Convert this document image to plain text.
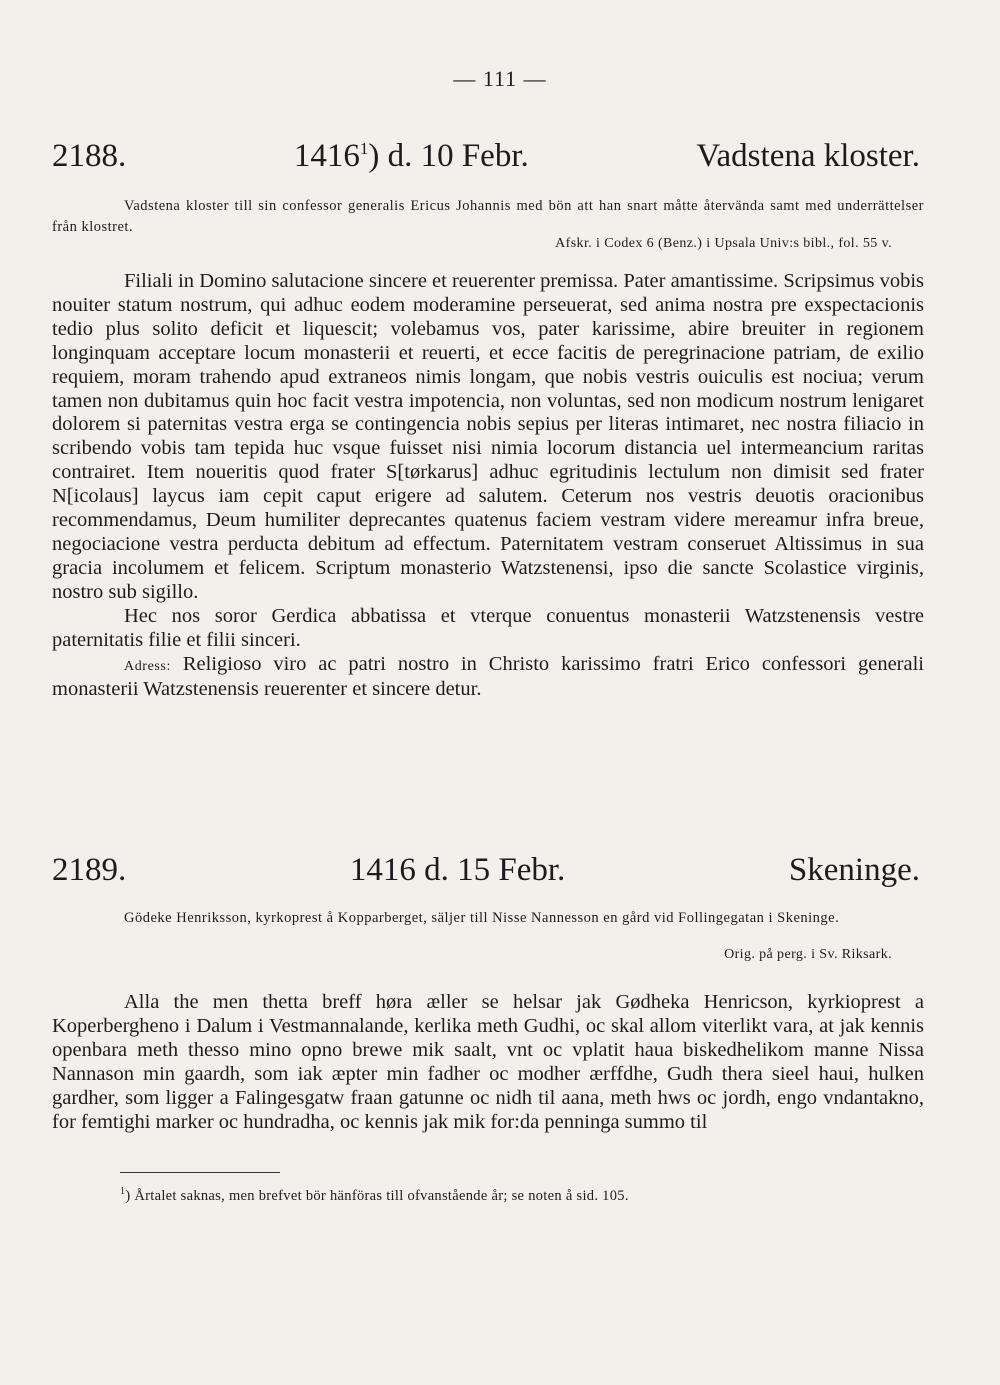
— 111 —
2188.	1416$^1$) d. 10 Febr.	Vadstena kloster.
Vadstena kloster till sin confessor generalis Ericus Johannis med bön att han snart måtte återvända samt med underrättelser från klostret.
Afskr. i Codex 6 (Benz.) i Upsala Univ:s bibl., fol. 55 v.

Filiali in Domino salutacione sincere et reuerenter premissa. Pater amantissime. Scripsimus vobis nouiter statum nostrum, qui adhuc eodem moderamine perseuerat, sed anima nostra pre exspectacionis tedio plus solito deficit et liquescit; volebamus vos, pater karissime, abire breuiter in regionem longinquam acceptare locum monasterii et reuerti, et ecce facitis de peregrinacione patriam, de exilio requiem, moram trahendo apud extraneos nimis longam, que nobis vestris ouiculis est nociua; verum tamen non dubitamus quin hoc facit vestra impotencia, non voluntas, sed non modicum nostrum lenigaret dolorem si paternitas vestra erga se contingencia nobis sepius per literas intimaret, nec nostra filiacio in scribendo vobis tam tepida huc vsque fuisset nisi nimia locorum distancia uel intermeancium raritas contrairet. Item noueritis quod frater S[tørkarus] adhuc egritudinis lectulum non dimisit sed frater N[icolaus] laycus iam cepit caput erigere ad salutem. Ceterum nos vestris deuotis oracionibus recommendamus, Deum humiliter deprecantes quatenus faciem vestram videre mereamur infra breue, negociacione vestra perducta debitum ad effectum. Paternitatem vestram conseruet Altissimus in sua gracia incolumem et felicem. Scriptum monasterio Watzstenensi, ipso die sancte Scolastice virginis, nostro sub sigillo.

Hec nos soror Gerdica abbatissa et vterque conuentus monasterii Watzstenensis vestre paternitatis filie et filii sinceri.

Adress: Religioso viro ac patri nostro in Christo karissimo fratri Erico confessori generali monasterii Watzstenensis reuerenter et sincere detur.

2189.	1416 d. 15 Febr.	Skeninge.
Gödeke Henriksson, kyrkoprest å Kopparberget, säljer till Nisse Nannesson en gård vid Follingegatan i Skeninge.
Orig. på perg. i Sv. Riksark.

Alla the men thetta breff høra æller se helsar jak Gødheka Henricson, kyrkioprest a Koperbergheno i Dalum i Vestmannalande, kerlika meth Gudhi, oc skal allom viterlikt vara, at jak kennis openbara meth thesso mino opno brewe mik saalt, vnt oc vplatit haua biskedhelikom manne Nissa Nannason min gaardh, som iak æpter min fadher oc modher ærffdhe, Gudh thera sieel haui, hulken gardher, som ligger a Falingesgatw fraan gatunne oc nidh til aana, meth hws oc jordh, engo vndantakno, for femtighi marker oc hundradha, oc kennis jak mik for:da penninga summo til

$^1$) Årtalet saknas, men brefvet bör hänföras till ofvanstående år; se noten å sid. 105.
